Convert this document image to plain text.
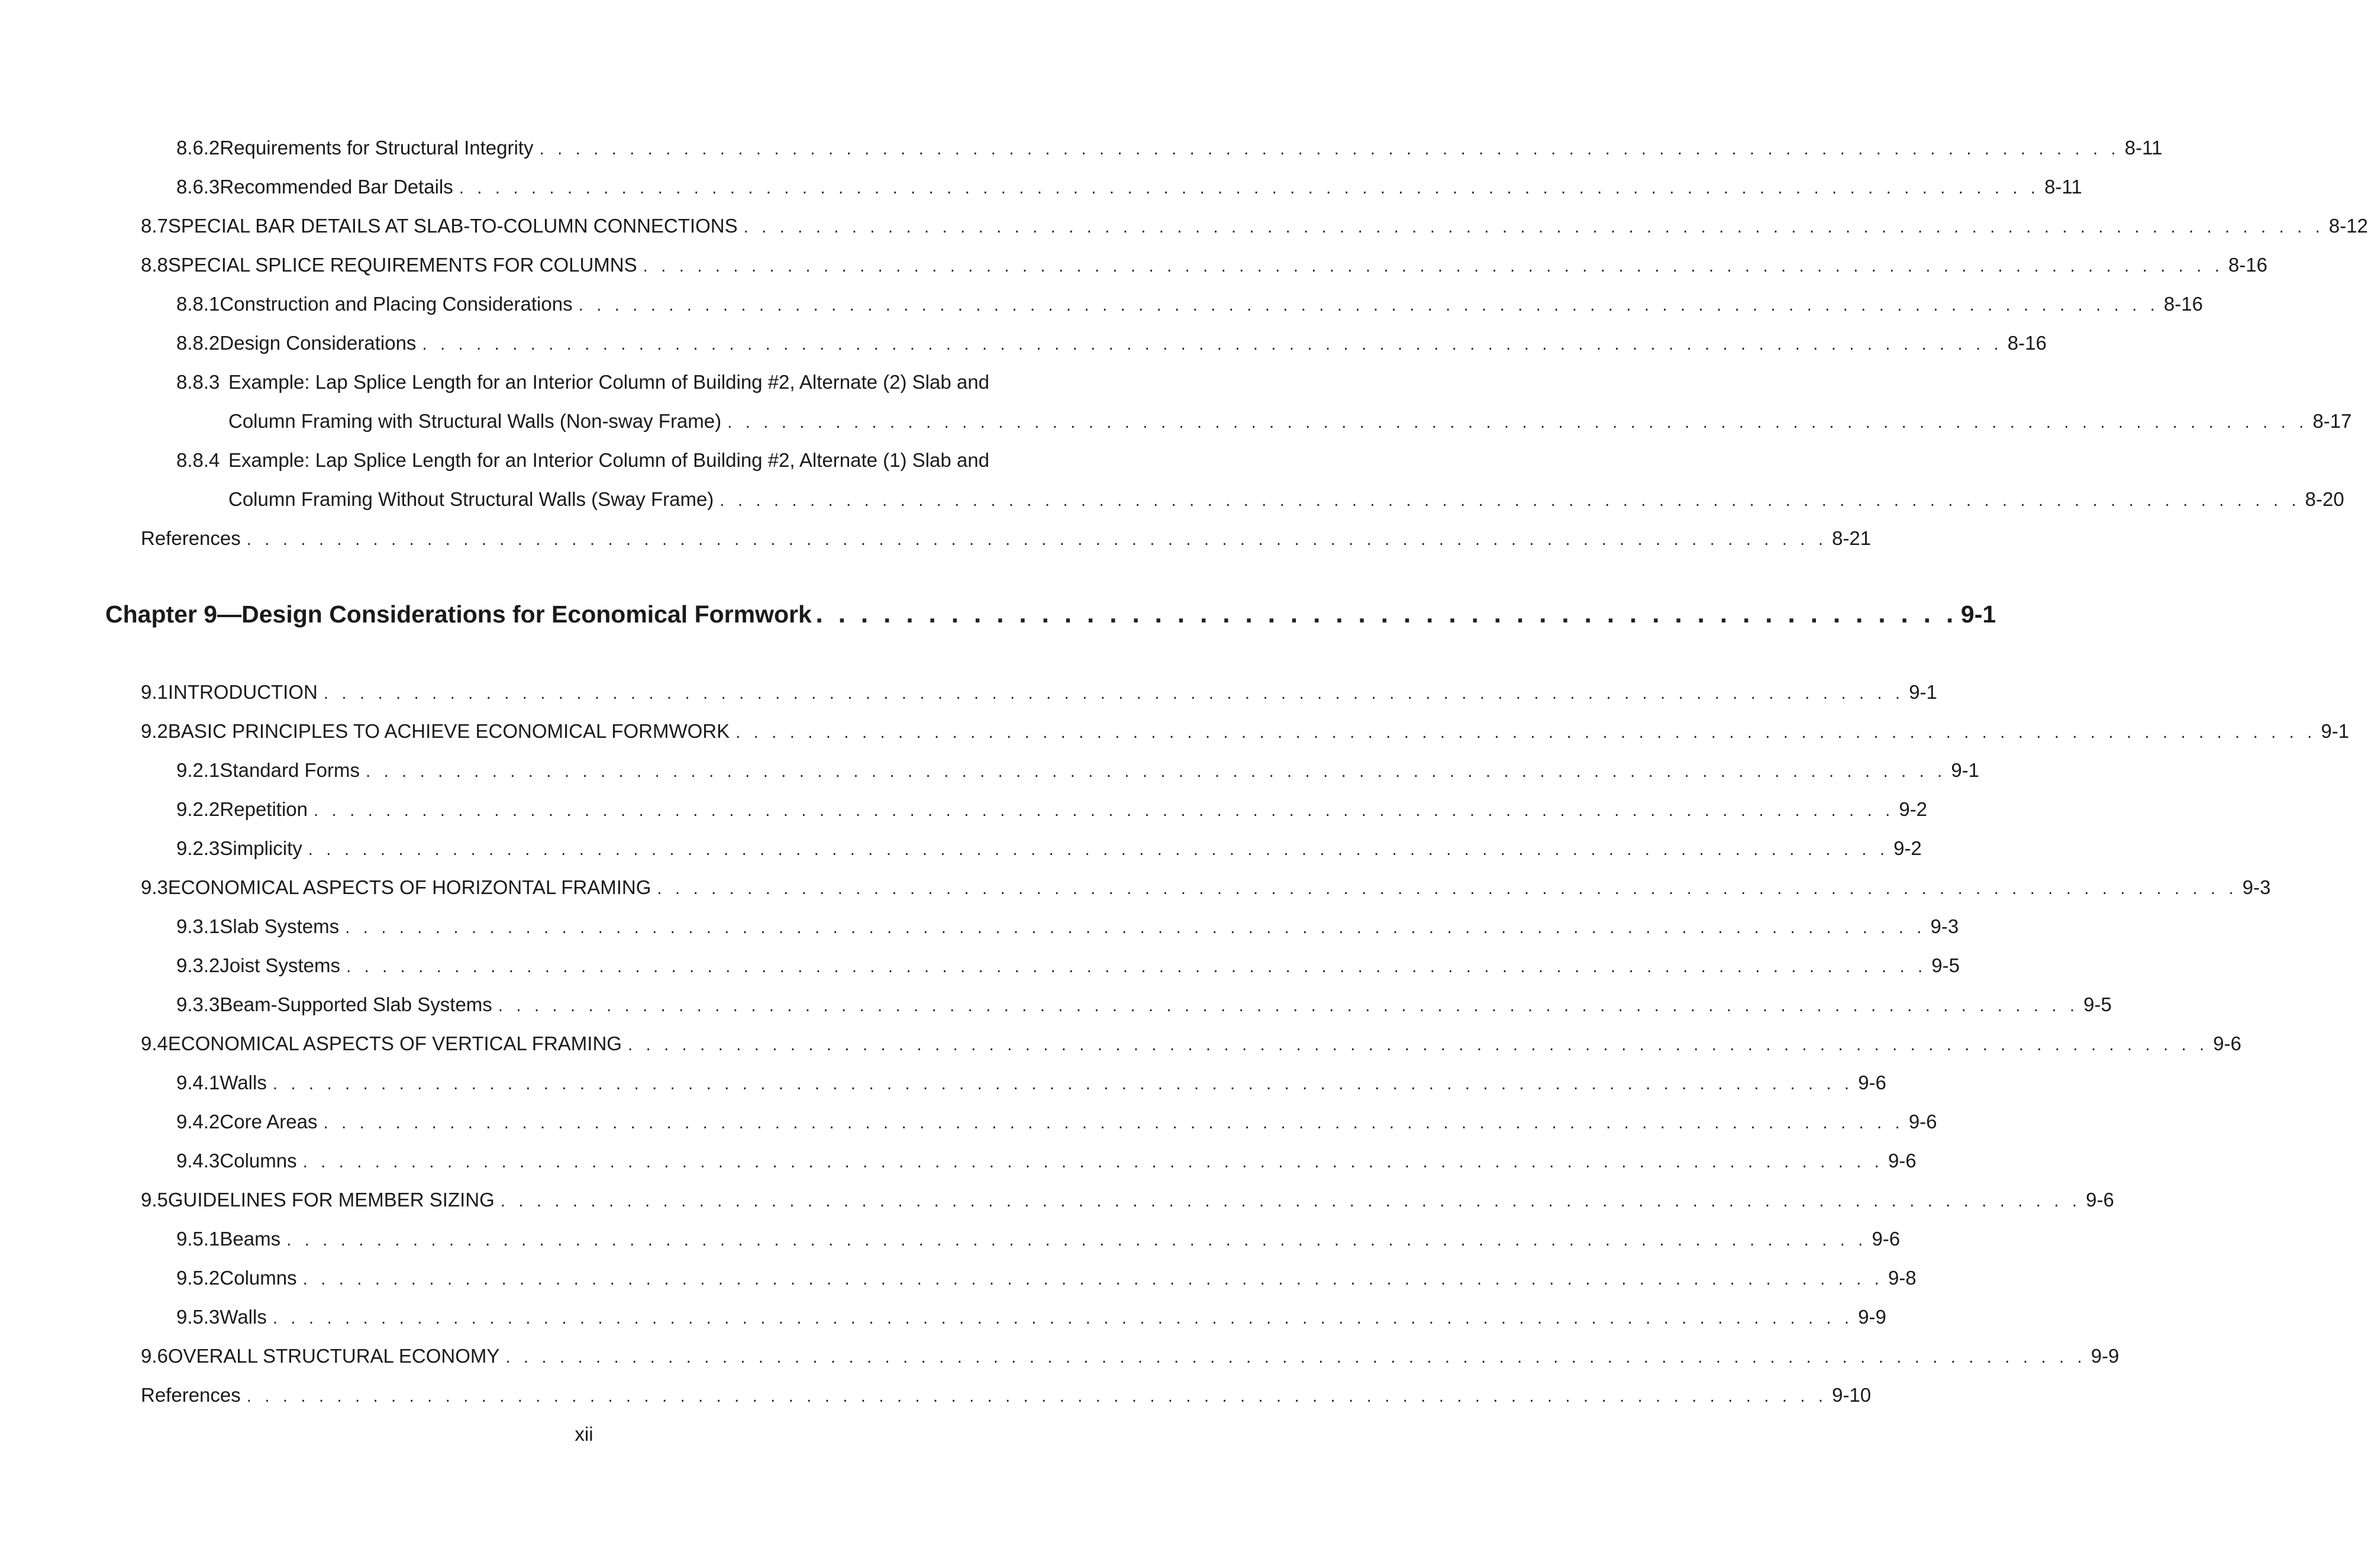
8.6.2 Requirements for Structural Integrity . . . . . . . . . . . . . . . . . . . . . . . . . . . . . . . . . . . . . . . . . . . . . . . . . . . . . . . . . . . . . . . . . . . . . . . . . . . . . . . . . . . . . . . . 8-11
8.6.3 Recommended Bar Details . . . . . . . . . . . . . . . . . . . . . . . . . . . . . . . . . . . . . . . . . . . . . . . . . . . . . . . . . . . . . . . . . . . . . . . . . . . . . . . . . . . . . . . . 8-11
8.7 SPECIAL BAR DETAILS AT SLAB-TO-COLUMN CONNECTIONS . . . . . . . . . . . . . . . . . . . . . . . . . . . . . . . . . . . . . . . . . . . . . . . . . . . . . . . . . . . . . . . . . . . . . . . . . . . . . . . . . . . . . . . . 8-12
8.8 SPECIAL SPLICE REQUIREMENTS FOR COLUMNS . . . . . . . . . . . . . . . . . . . . . . . . . . . . . . . . . . . . . . . . . . . . . . . . . . . . . . . . . . . . . . . . . . . . . . . . . . . . . . . . . . . . . . . . 8-16
8.8.1 Construction and Placing Considerations . . . . . . . . . . . . . . . . . . . . . . . . . . . . . . . . . . . . . . . . . . . . . . . . . . . . . . . . . . . . . . . . . . . . . . . . . . . . . . . . . . . . . . . . 8-16
8.8.2 Design Considerations . . . . . . . . . . . . . . . . . . . . . . . . . . . . . . . . . . . . . . . . . . . . . . . . . . . . . . . . . . . . . . . . . . . . . . . . . . . . . . . . . . . . . . . . 8-16
8.8.3 Example: Lap Splice Length for an Interior Column of Building #2, Alternate (2) Slab and
Column Framing with Structural Walls (Non-sway Frame) . . . . . . . . . . . . . . . . . . . . . . . . . . . . . . . . . . . . . . . . . . . . . . . . . . . . . . . . . . . . . . . . . . . . . . . . . . . . . . . . . . . . . . . . 8-17
8.8.4 Example: Lap Splice Length for an Interior Column of Building #2, Alternate (1) Slab and
Column Framing Without Structural Walls (Sway Frame) . . . . . . . . . . . . . . . . . . . . . . . . . . . . . . . . . . . . . . . . . . . . . . . . . . . . . . . . . . . . . . . . . . . . . . . . . . . . . . . . . . . . . . . . 8-20
References . . . . . . . . . . . . . . . . . . . . . . . . . . . . . . . . . . . . . . . . . . . . . . . . . . . . . . . . . . . . . . . . . . . . . . . . . . . . . . . . . . . . . . . . 8-21
Chapter 9—Design Considerations for Economical Formwork . . . . . . . . . . . . . . . . . . . . . . . . . . . . . . . . . . . . . . . . . . . . . . . . . . . 9-1
9.1 INTRODUCTION . . . . . . . . . . . . . . . . . . . . . . . . . . . . . . . . . . . . . . . . . . . . . . . . . . . . . . . . . . . . . . . . . . . . . . . . . . . . . . . . . . . . . . . . 9-1
9.2 BASIC PRINCIPLES TO ACHIEVE ECONOMICAL FORMWORK . . . . . . . . . . . . . . . . . . . . . . . . . . . . . . . . . . . . . . . . . . . . . . . . . . . . . . . . . . . . . . . . . . . . . . . . . . . . . . . . . . . . . . . . 9-1
9.2.1 Standard Forms . . . . . . . . . . . . . . . . . . . . . . . . . . . . . . . . . . . . . . . . . . . . . . . . . . . . . . . . . . . . . . . . . . . . . . . . . . . . . . . . . . . . . . . . 9-1
9.2.2 Repetition . . . . . . . . . . . . . . . . . . . . . . . . . . . . . . . . . . . . . . . . . . . . . . . . . . . . . . . . . . . . . . . . . . . . . . . . . . . . . . . . . . . . . . . . 9-2
9.2.3 Simplicity . . . . . . . . . . . . . . . . . . . . . . . . . . . . . . . . . . . . . . . . . . . . . . . . . . . . . . . . . . . . . . . . . . . . . . . . . . . . . . . . . . . . . . . . 9-2
9.3 ECONOMICAL ASPECTS OF HORIZONTAL FRAMING . . . . . . . . . . . . . . . . . . . . . . . . . . . . . . . . . . . . . . . . . . . . . . . . . . . . . . . . . . . . . . . . . . . . . . . . . . . . . . . . . . . . . . . . 9-3
9.3.1 Slab Systems . . . . . . . . . . . . . . . . . . . . . . . . . . . . . . . . . . . . . . . . . . . . . . . . . . . . . . . . . . . . . . . . . . . . . . . . . . . . . . . . . . . . . . . . 9-3
9.3.2 Joist Systems . . . . . . . . . . . . . . . . . . . . . . . . . . . . . . . . . . . . . . . . . . . . . . . . . . . . . . . . . . . . . . . . . . . . . . . . . . . . . . . . . . . . . . . . 9-5
9.3.3 Beam-Supported Slab Systems . . . . . . . . . . . . . . . . . . . . . . . . . . . . . . . . . . . . . . . . . . . . . . . . . . . . . . . . . . . . . . . . . . . . . . . . . . . . . . . . . . . . . . . . 9-5
9.4 ECONOMICAL ASPECTS OF VERTICAL FRAMING . . . . . . . . . . . . . . . . . . . . . . . . . . . . . . . . . . . . . . . . . . . . . . . . . . . . . . . . . . . . . . . . . . . . . . . . . . . . . . . . . . . . . . . . 9-6
9.4.1 Walls . . . . . . . . . . . . . . . . . . . . . . . . . . . . . . . . . . . . . . . . . . . . . . . . . . . . . . . . . . . . . . . . . . . . . . . . . . . . . . . . . . . . . . . . 9-6
9.4.2 Core Areas . . . . . . . . . . . . . . . . . . . . . . . . . . . . . . . . . . . . . . . . . . . . . . . . . . . . . . . . . . . . . . . . . . . . . . . . . . . . . . . . . . . . . . . . 9-6
9.4.3 Columns . . . . . . . . . . . . . . . . . . . . . . . . . . . . . . . . . . . . . . . . . . . . . . . . . . . . . . . . . . . . . . . . . . . . . . . . . . . . . . . . . . . . . . . . 9-6
9.5 GUIDELINES FOR MEMBER SIZING . . . . . . . . . . . . . . . . . . . . . . . . . . . . . . . . . . . . . . . . . . . . . . . . . . . . . . . . . . . . . . . . . . . . . . . . . . . . . . . . . . . . . . . . 9-6
9.5.1 Beams . . . . . . . . . . . . . . . . . . . . . . . . . . . . . . . . . . . . . . . . . . . . . . . . . . . . . . . . . . . . . . . . . . . . . . . . . . . . . . . . . . . . . . . . 9-6
9.5.2 Columns . . . . . . . . . . . . . . . . . . . . . . . . . . . . . . . . . . . . . . . . . . . . . . . . . . . . . . . . . . . . . . . . . . . . . . . . . . . . . . . . . . . . . . . . 9-8
9.5.3 Walls . . . . . . . . . . . . . . . . . . . . . . . . . . . . . . . . . . . . . . . . . . . . . . . . . . . . . . . . . . . . . . . . . . . . . . . . . . . . . . . . . . . . . . . . 9-9
9.6 OVERALL STRUCTURAL ECONOMY . . . . . . . . . . . . . . . . . . . . . . . . . . . . . . . . . . . . . . . . . . . . . . . . . . . . . . . . . . . . . . . . . . . . . . . . . . . . . . . . . . . . . . . . 9-9
References . . . . . . . . . . . . . . . . . . . . . . . . . . . . . . . . . . . . . . . . . . . . . . . . . . . . . . . . . . . . . . . . . . . . . . . . . . . . . . . . . . . . . . . . 9-10
xii
